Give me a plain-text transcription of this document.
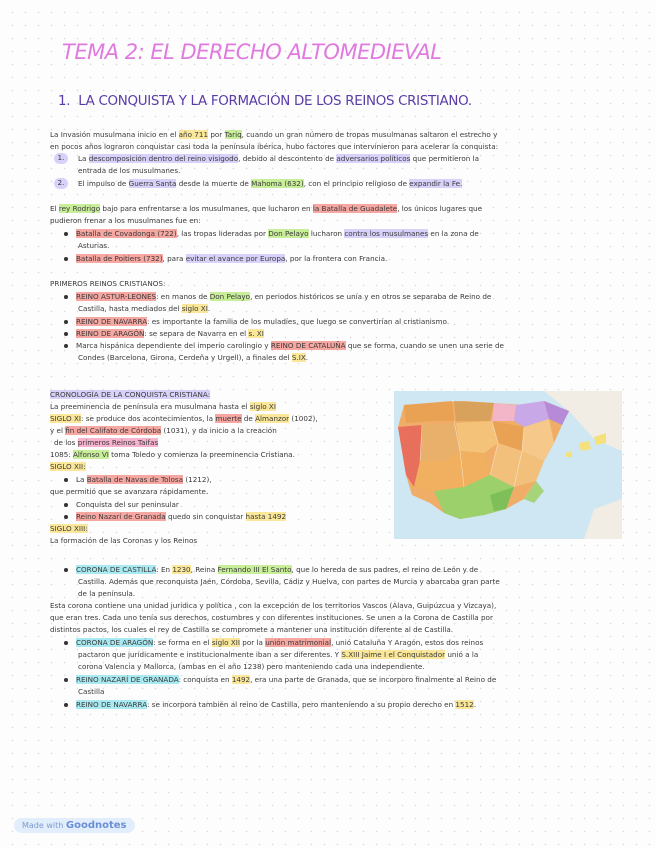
TEMA 2: EL DERECHO ALTOMEDIEVAL
1. LA CONQUISTA Y LA FORMACIÓN DE LOS REINOS CRISTIANO.
La Invasión musulmana inicio en el año 711 por Tariq, cuando un gran número de tropas musulmanas saltaron el estrecho y
en pocos años lograron conquistar casi toda la península ibérica, hubo factores que intervinieron para acelerar la conquista:
1.	La descomposición dentro del reino visigodo, debido al descontento de adversarios políticos que permitieron la
entrada de los musulmanes.
2.	El impulso de Guerra Santa desde la muerte de Mahoma (632), con el principio religioso de expandir la Fe.
El rey Rodrigo bajo para enfrentarse a los musulmanes, que lucharon en la Batalla de Guadalete, los únicos lugares que
pudieron frenar a los musulmanes fue en:
Batalla de Covadonga (722), las tropas lideradas por Don Pelayo lucharon contra los musulmanes en la zona de
Asturias.
Batalla de Poitiers (732), para evitar el avance por Europa, por la frontera con Francia.
PRIMEROS REINOS CRISTIANOS:
REINO ASTUR-LEONES: en manos de Don Pelayo, en periodos históricos se unía y en otros se separaba de Reino de
Castilla, hasta mediados del siglo XI.
REINO DE NAVARRA: es importante la familia de los muladíes, que luego se convertirían al cristianismo.
REINO DE ARAGÓN: se separa de Navarra en el s. XI
Marca hispánica dependiente del imperio carolingio y REINO DE CATALUÑA que se forma, cuando se unen una serie de
Condes (Barcelona, Girona, Cerdeña y Urgell), a finales del S.IX.
CRONOLOGÍA DE LA CONQUISTA CRISTIANA:
La preeminencia de península era musulmana hasta el siglo XI
SIGLO XI: se produce dos acontecimientos, la muerte de Almanzor (1002),
y el fin del Califato de Córdoba (1031), y da inicio a la creación
de los primeros Reinos Taifas
1085: Alfonso VI toma Toledo y comienza la preeminencia Cristiana.
SIGLO XII:
La Batalla de Navas de Tolosa (1212),
que permitió que se avanzara rápidamente.
Conquista del sur peninsular
Reino Nazarí de Granada quedo sin conquistar hasta 1492
SIGLO XIII:
La formación de las Coronas y los Reinos
CORONA DE CASTILLA: En 1230, Reina Fernando III El Santo, que lo hereda de sus padres, el reino de León y de
Castilla. Además que reconquista Jaén, Córdoba, Sevilla, Cádiz y Huelva, con partes de Murcia y abarcaba gran parte
de la península.
Esta corona contiene una unidad jurídica y política , con la excepción de los territorios Vascos (Álava, Guipúzcua y Vizcaya),
que eran tres. Cada uno tenía sus derechos, costumbres y con diferentes instituciones. Se unen a la Corona de Castilla por
distintos pactos, los cuales el rey de Castilla se compromete a mantener una institución diferente al de Castilla.
CORONA DE ARAGÓN: se forma en el siglo XII por la unión matrimonial, unió Cataluña Y Aragón, estos dos reinos
pactaron que jurídicamente e institucionalmente iban a ser diferentes. Y S.XIII Jaime I el Conquistador unió a la
corona Valencia y Mallorca, (ambas en el año 1238) pero manteniendo cada una independiente.
REINO NAZARÍ DE GRANADA: conquista en 1492, era una parte de Granada, que se incorporo finalmente al Reino de
Castilla
REINO DE NAVARRA: se incorpora también al reino de Castilla, pero manteniendo a su propio derecho en 1512.
Made with Goodnotes
